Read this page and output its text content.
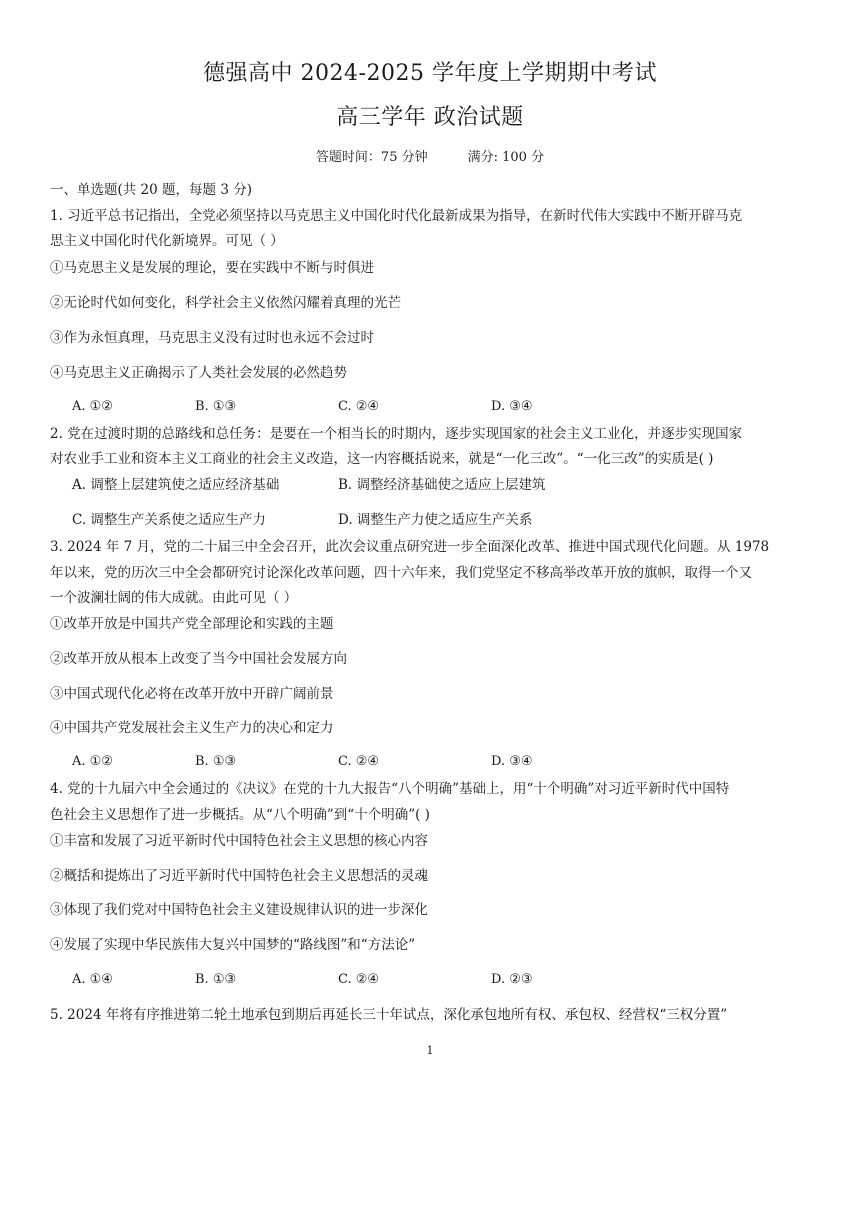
德强高中 2024-2025 学年度上学期期中考试
高三学年 政治试题
答题时间：75 分钟	满分: 100 分
一、单选题(共 20 题，每题 3 分)
1. 习近平总书记指出，全党必须坚持以马克思主义中国化时代化最新成果为指导，在新时代伟大实践中不断开辟马克
思主义中国化时代化新境界。可见（ ）
①马克思主义是发展的理论，要在实践中不断与时俱进
②无论时代如何变化，科学社会主义依然闪耀着真理的光芒
③作为永恒真理，马克思主义没有过时也永远不会过时
④马克思主义正确揭示了人类社会发展的必然趋势
A. ①②	B. ①③	C. ②④	D. ③④
2. 党在过渡时期的总路线和总任务：是要在一个相当长的时期内，逐步实现国家的社会主义工业化，并逐步实现国家
对农业手工业和资本主义工商业的社会主义改造，这一内容概括说来，就是“一化三改”。“一化三改”的实质是( )
A. 调整上层建筑使之适应经济基础	B. 调整经济基础使之适应上层建筑
C. 调整生产关系使之适应生产力	D. 调整生产力使之适应生产关系
3. 2024 年 7 月，党的二十届三中全会召开，此次会议重点研究进一步全面深化改革、推进中国式现代化问题。从 1978
年以来，党的历次三中全会都研究讨论深化改革问题，四十六年来，我们党坚定不移高举改革开放的旗帜，取得一个又
一个波澜壮阔的伟大成就。由此可见（ ）
①改革开放是中国共产党全部理论和实践的主题
②改革开放从根本上改变了当今中国社会发展方向
③中国式现代化必将在改革开放中开辟广阔前景
④中国共产党发展社会主义生产力的决心和定力
A. ①②	B. ①③	C. ②④	D. ③④
4. 党的十九届六中全会通过的《决议》在党的十九大报告“八个明确”基础上，用“十个明确”对习近平新时代中国特
色社会主义思想作了进一步概括。从“八个明确”到“十个明确”( )
①丰富和发展了习近平新时代中国特色社会主义思想的核心内容
②概括和提炼出了习近平新时代中国特色社会主义思想活的灵魂
③体现了我们党对中国特色社会主义建设规律认识的进一步深化
④发展了实现中华民族伟大复兴中国梦的“路线图”和“方法论”
A. ①④	B. ①③	C. ②④	D. ②③
5. 2024 年将有序推进第二轮土地承包到期后再延长三十年试点，深化承包地所有权、承包权、经营权“三权分置”
1
